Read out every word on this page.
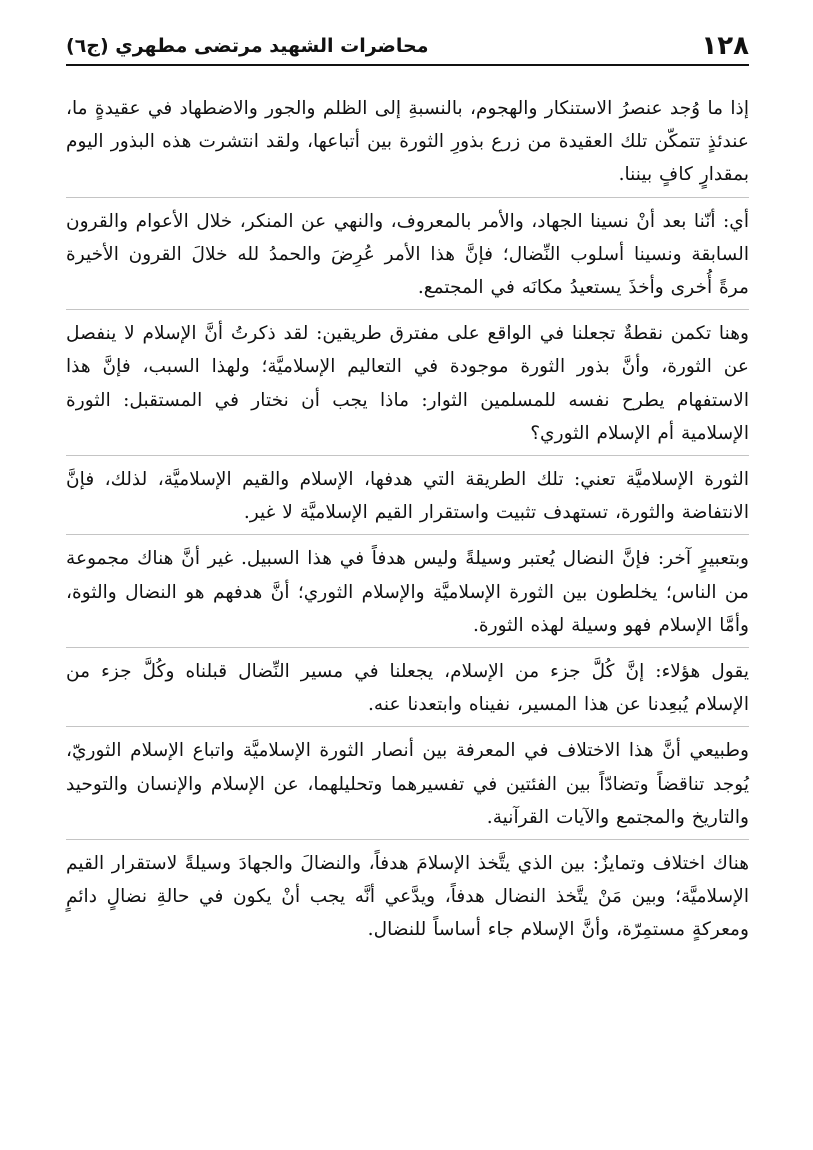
١٢٨
محاضرات الشهيد مرتضى مطهري (ج٦)

إذا ما وُجد عنصرُ الاستنكار والهجوم، بالنسبةِ إلى الظلم والجور والاضطهاد في عقيدةٍ ما، عندئذٍ تتمكّن تلك العقيدة من زرع بذورِ الثورة بين أتباعها، ولقد انتشرت هذه البذور اليوم بمقدارٍ كافٍ بيننا.

أي: أنّنا بعد أنْ نسينا الجهاد، والأمر بالمعروف، والنهي عن المنكر، خلال الأعوام والقرون السابقة ونسينا أسلوب النِّضال؛ فإنَّ هذا الأمر عُرِضَ والحمدُ لله خلالَ القرون الأخيرة مرةً أُخرى وأخذَ يستعيدُ مكانَه في المجتمع.

وهنا تكمن نقطةٌ تجعلنا في الواقع على مفترق طريقين: لقد ذكرتُ أنَّ الإسلام لا ينفصل عن الثورة، وأنَّ بذور الثورة موجودة في التعاليم الإسلاميَّة؛ ولهذا السبب، فإنَّ هذا الاستفهام يطرح نفسه للمسلمين الثوار: ماذا يجب أن نختار في المستقبل: الثورة الإسلامية أم الإسلام الثوري؟

الثورة الإسلاميَّة تعني: تلك الطريقة التي هدفها، الإسلام والقيم الإسلاميَّة، لذلك، فإنَّ الانتفاضة والثورة، تستهدف تثبيت واستقرار القيم الإسلاميَّة لا غير.

وبتعبيرٍ آخر: فإنَّ النضال يُعتبر وسيلةً وليس هدفاً في هذا السبيل. غير أنَّ هناك مجموعة من الناس؛ يخلطون بين الثورة الإسلاميَّة والإسلام الثوري؛ أنَّ هدفهم هو النضال والثوة، وأمَّا الإسلام فهو وسيلة لهذه الثورة.

يقول هؤلاء: إنَّ كُلَّ جزء من الإسلام، يجعلنا في مسير النِّضال قبلناه وكُلَّ جزء من الإسلام يُبعِدنا عن هذا المسير، نفيناه وابتعدنا عنه.

وطبيعي أنَّ هذا الاختلاف في المعرفة بين أنصار الثورة الإسلاميَّة واتباع الإسلام الثوريّ، يُوجد تناقضاً وتضادّاً بين الفئتين في تفسيرهما وتحليلهما، عن الإسلام والإنسان والتوحيد والتاريخ والمجتمع والآيات القرآنية.

هناك اختلاف وتمايزٌ: بين الذي يتَّخذ الإسلامَ هدفاً، والنضالَ والجهادَ وسيلةً لاستقرار القيم الإسلاميَّة؛ وبين مَنْ يتَّخذ النضال هدفاً، ويدَّعي أنَّه يجب أنْ يكون في حالةِ نضالٍ دائمٍ ومعركةٍ مستمِرّة، وأنَّ الإسلام جاء أساساً للنضال.
